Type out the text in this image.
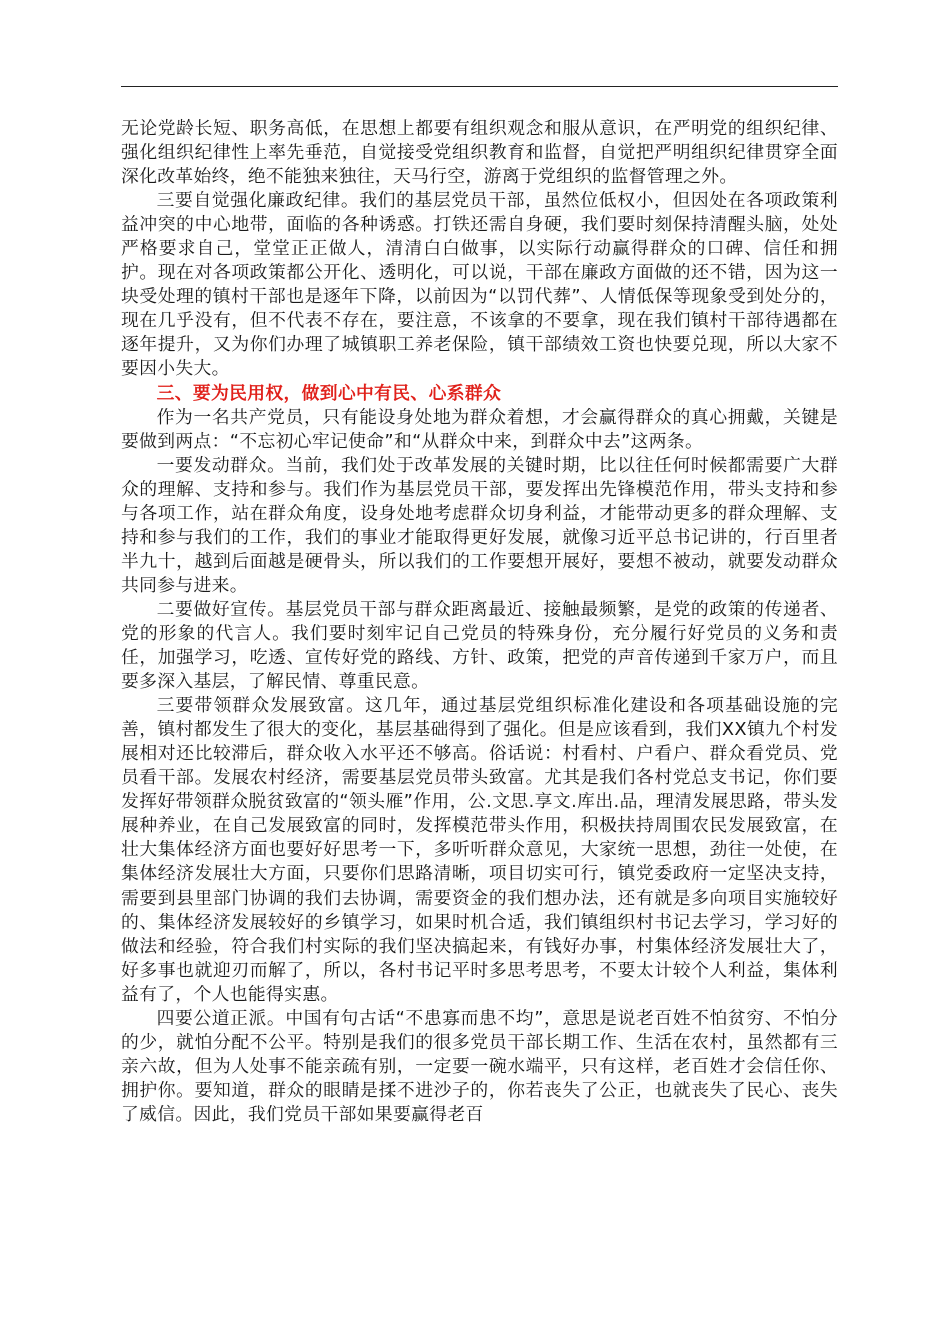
无论党龄长短、职务高低，在思想上都要有组织观念和服从意识，在严明党的组织纪律、强化组织纪律性上率先垂范，自觉接受党组织教育和监督，自觉把严明组织纪律贯穿全面深化改革始终，绝不能独来独往，天马行空，游离于党组织的监督管理之外。

三要自觉强化廉政纪律。我们的基层党员干部，虽然位低权小，但因处在各项政策利益冲突的中心地带，面临的各种诱惑。打铁还需自身硬，我们要时刻保持清醒头脑，处处严格要求自己，堂堂正正做人，清清白白做事，以实际行动赢得群众的口碑、信任和拥护。现在对各项政策都公开化、透明化，可以说，干部在廉政方面做的还不错，因为这一块受处理的镇村干部也是逐年下降，以前因为“以罚代葬”、人情低保等现象受到处分的，现在几乎没有，但不代表不存在，要注意，不该拿的不要拿，现在我们镇村干部待遇都在逐年提升，又为你们办理了城镇职工养老保险，镇干部绩效工资也快要兑现，所以大家不要因小失大。

三、要为民用权，做到心中有民、心系群众

作为一名共产党员，只有能设身处地为群众着想，才会赢得群众的真心拥戴，关键是要做到两点：“不忘初心牢记使命”和“从群众中来，到群众中去”这两条。

一要发动群众。当前，我们处于改革发展的关键时期，比以往任何时候都需要广大群众的理解、支持和参与。我们作为基层党员干部，要发挥出先锋模范作用，带头支持和参与各项工作，站在群众角度，设身处地考虑群众切身利益，才能带动更多的群众理解、支持和参与我们的工作，我们的事业才能取得更好发展，就像习近平总书记讲的，行百里者半九十，越到后面越是硬骨头，所以我们的工作要想开展好，要想不被动，就要发动群众共同参与进来。

二要做好宣传。基层党员干部与群众距离最近、接触最频繁，是党的政策的传递者、党的形象的代言人。我们要时刻牢记自己党员的特殊身份，充分履行好党员的义务和责任，加强学习，吃透、宣传好党的路线、方针、政策，把党的声音传递到千家万户，而且要多深入基层，了解民情、尊重民意。

三要带领群众发展致富。这几年，通过基层党组织标准化建设和各项基础设施的完善，镇村都发生了很大的变化，基层基础得到了强化。但是应该看到，我们XX镇九个村发展相对还比较滞后，群众收入水平还不够高。俗话说：村看村、户看户、群众看党员、党员看干部。发展农村经济，需要基层党员带头致富。尤其是我们各村党总支书记，你们要发挥好带领群众脱贫致富的“领头雁”作用，公.文思.享文.库出.品，理清发展思路，带头发展种养业，在自己发展致富的同时，发挥模范带头作用，积极扶持周围农民发展致富，在壮大集体经济方面也要好好思考一下，多听听群众意见，大家统一思想，劲往一处使，在集体经济发展壮大方面，只要你们思路清晰，项目切实可行，镇党委政府一定坚决支持，需要到县里部门协调的我们去协调，需要资金的我们想办法，还有就是多向项目实施较好的、集体经济发展较好的乡镇学习，如果时机合适，我们镇组织村书记去学习，学习好的做法和经验，符合我们村实际的我们坚决搞起来，有钱好办事，村集体经济发展壮大了，好多事也就迎刃而解了，所以，各村书记平时多思考思考，不要太计较个人利益，集体利益有了，个人也能得实惠。

四要公道正派。中国有句古话“不患寡而患不均”，意思是说老百姓不怕贫穷、不怕分的少，就怕分配不公平。特别是我们的很多党员干部长期工作、生活在农村，虽然都有三亲六故，但为人处事不能亲疏有别，一定要一碗水端平，只有这样，老百姓才会信任你、拥护你。要知道，群众的眼睛是揉不进沙子的，你若丧失了公正，也就丧失了民心、丧失了威信。因此，我们党员干部如果要赢得老百
